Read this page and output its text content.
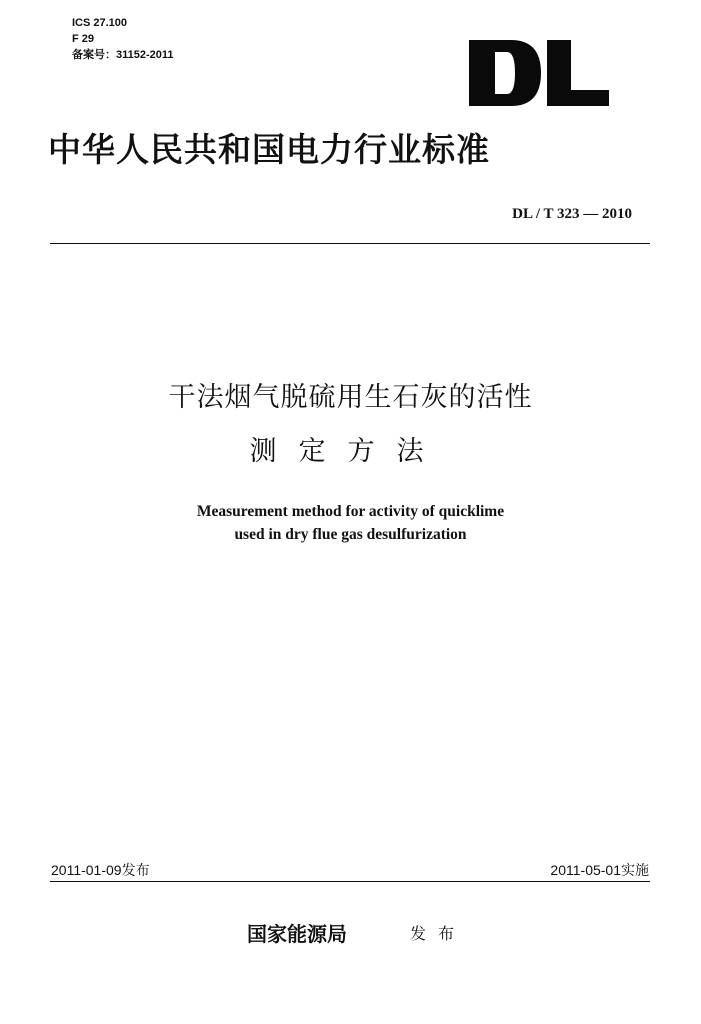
ICS 27.100
F 29
备案号：31152-2011
中华人民共和国电力行业标准
DL / T 323 — 2010
干法烟气脱硫用生石灰的活性
测定方法
Measurement method for activity of quicklime
used in dry flue gas desulfurization
2011-01-09发布	2011-05-01实施
国家能源局	发布
